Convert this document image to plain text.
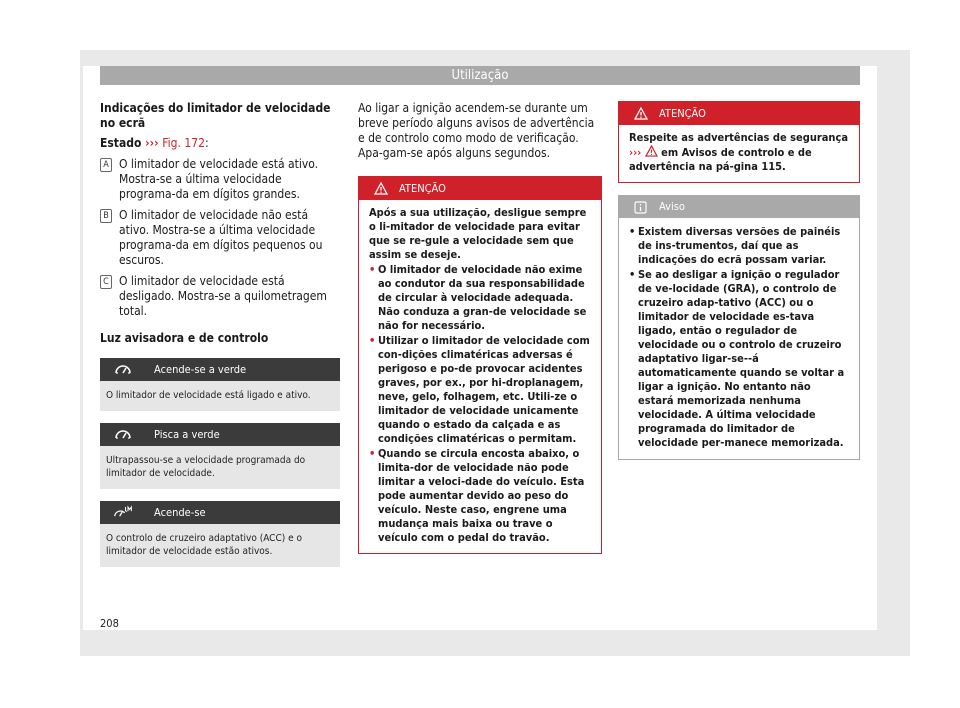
Utilização

Indicações do limitador de velocidade no ecrã

Estado ››› Fig. 172:
A O limitador de velocidade está ativo. Mostra-se a última velocidade programa-da em dígitos grandes.
B O limitador de velocidade não está ativo. Mostra-se a última velocidade programa-da em dígitos pequenos ou escuros.
C O limitador de velocidade está desligado. Mostra-se a quilometragem total.
Luz avisadora e de controlo
Acende-se a verde
O limitador de velocidade está ligado e ativo.
Pisca a verde
Ultrapassou-se a velocidade programada do limitador de velocidade.
Acende-se
O controlo de cruzeiro adaptativo (ACC) e o limitador de velocidade estão ativos.
Ao ligar a ignição acendem-se durante um breve período alguns avisos de advertência e de controlo como modo de verificação. Apa-gam-se após alguns segundos.
ATENÇÃO
Após a sua utilização, desligue sempre o li-mitador de velocidade para evitar que se re-gule a velocidade sem que assim se deseje.
• O limitador de velocidade não exime ao condutor da sua responsabilidade de circular à velocidade adequada. Não conduza a gran-de velocidade se não for necessário.
• Utilizar o limitador de velocidade com con-dições climatéricas adversas é perigoso e po-de provocar acidentes graves, por ex., por hi-droplanagem, neve, gelo, folhagem, etc. Utili-ze o limitador de velocidade unicamente quando o estado da calçada e as condições climatéricas o permitam.
• Quando se circula encosta abaixo, o limita-dor de velocidade não pode limitar a veloci-dade do veículo. Esta pode aumentar devido ao peso do veículo. Neste caso, engrene uma mudança mais baixa ou trave o veículo com o pedal do travão.
ATENÇÃO
Respeite as advertências de segurança ››› em Avisos de controlo e de advertência na pá-gina 115.
Aviso
• Existem diversas versões de painéis de ins-trumentos, daí que as indicações do ecrã possam variar.
• Se ao desligar a ignição o regulador de ve-locidade (GRA), o controlo de cruzeiro adap-tativo (ACC) ou o limitador de velocidade es-tava ligado, então o regulador de velocidade ou o controlo de cruzeiro adaptativo ligar-se--á automaticamente quando se voltar a ligar a ignição. No entanto não estará memorizada nenhuma velocidade. A última velocidade programada do limitador de velocidade per-manece memorizada.
208
